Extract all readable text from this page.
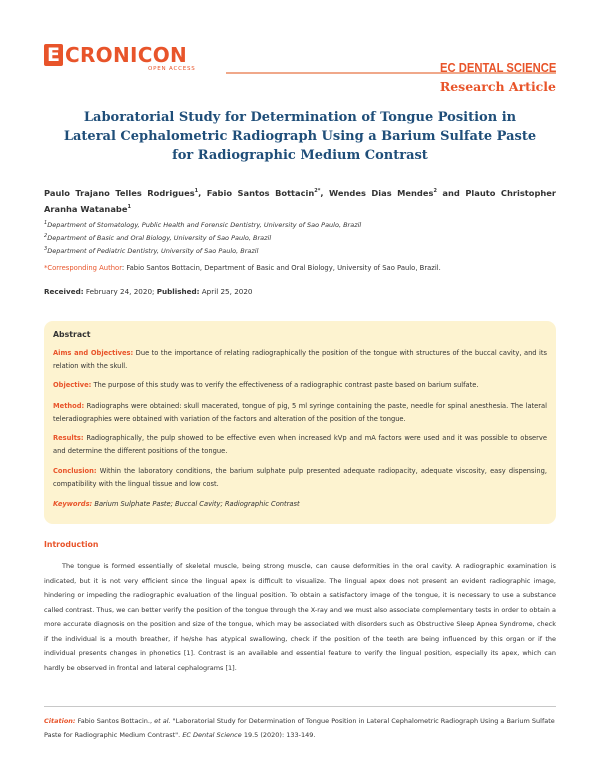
E CRONICON
OPEN ACCESS	EC DENTAL SCIENCE
Research Article
Laboratorial Study for Determination of Tongue Position in Lateral Cephalometric Radiograph Using a Barium Sulfate Paste for Radiographic Medium Contrast
Paulo Trajano Telles Rodrigues$^1$, Fabio Santos Bottacin$^{2*}$, Wendes Dias Mendes$^2$ and Plauto Christopher Aranha Watanabe$^1$
$^1$Department of Stomatology, Public Health and Forensic Dentistry, University of Sao Paulo, Brazil
$^2$Department of Basic and Oral Biology, University of Sao Paulo, Brazil
$^3$Department of Pediatric Dentistry, University of Sao Paulo, Brazil
*Corresponding Author: Fabio Santos Bottacin, Department of Basic and Oral Biology, University of Sao Paulo, Brazil.
Received: February 24, 2020; Published: April 25, 2020
Abstract
Aims and Objectives: Due to the importance of relating radiographically the position of the tongue with structures of the buccal cavity, and its relation with the skull.
Objective: The purpose of this study was to verify the effectiveness of a radiographic contrast paste based on barium sulfate.
Method: Radiographs were obtained: skull macerated, tongue of pig, 5 ml syringe containing the paste, needle for spinal anesthesia. The lateral teleradiographies were obtained with variation of the factors and alteration of the position of the tongue.
Results: Radiographically, the pulp showed to be effective even when increased kVp and mA factors were used and it was possible to observe and determine the different positions of the tongue.
Conclusion: Within the laboratory conditions, the barium sulphate pulp presented adequate radiopacity, adequate viscosity, easy dispensing, compatibility with the lingual tissue and low cost.
Keywords: Barium Sulphate Paste; Buccal Cavity; Radiographic Contrast
Introduction
The tongue is formed essentially of skeletal muscle, being strong muscle, can cause deformities in the oral cavity. A radiographic examination is indicated, but it is not very efficient since the lingual apex is difficult to visualize. The lingual apex does not present an evident radiographic image, hindering or impeding the radiographic evaluation of the lingual position. To obtain a satisfactory image of the tongue, it is necessary to use a substance called contrast. Thus, we can better verify the position of the tongue through the X-ray and we must also associate complementary tests in order to obtain a more accurate diagnosis on the position and size of the tongue, which may be associated with disorders such as Obstructive Sleep Apnea Syndrome, check if the individual is a mouth breather, if he/she has atypical swallowing, check if the position of the teeth are being influenced by this organ or if the individual presents changes in phonetics [1]. Contrast is an available and essential feature to verify the lingual position, especially its apex, which can hardly be observed in frontal and lateral cephalograms [1].
Citation: Fabio Santos Bottacin., et al. "Laboratorial Study for Determination of Tongue Position in Lateral Cephalometric Radiograph Using a Barium Sulfate Paste for Radiographic Medium Contrast". EC Dental Science 19.5 (2020): 133-149.
